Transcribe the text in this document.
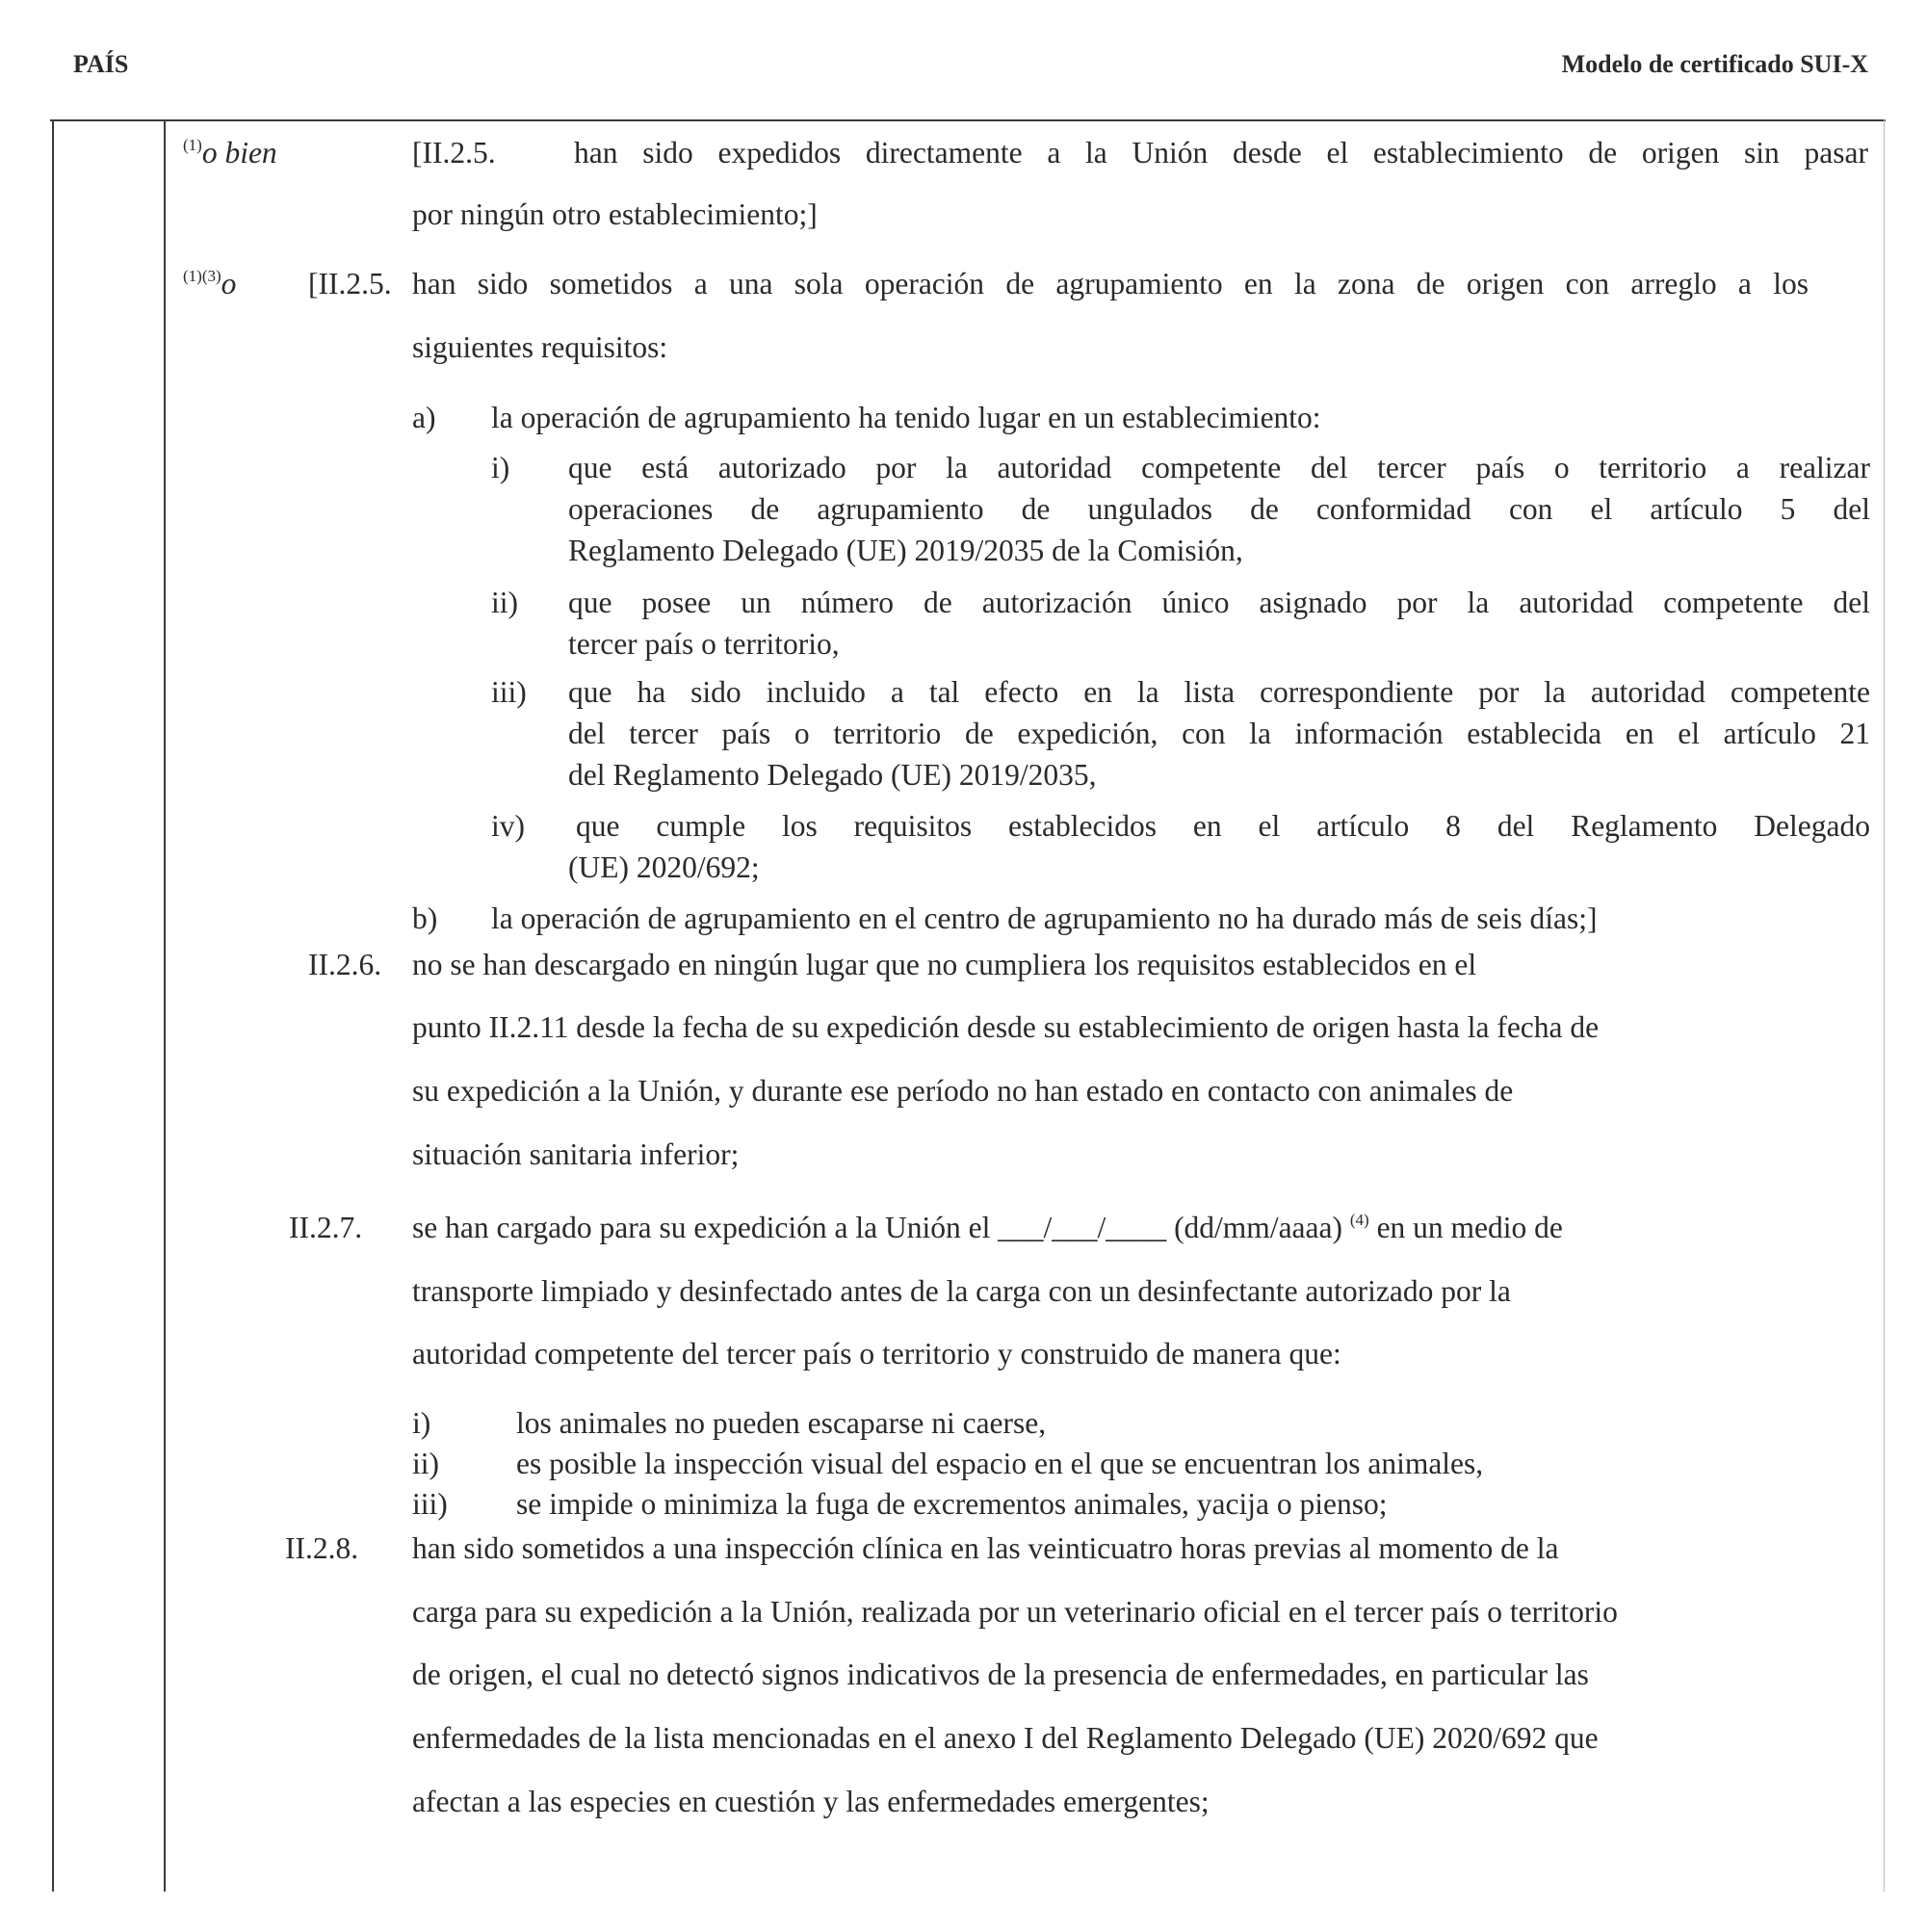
PAÍS	Modelo de certificado SUI-X
$^{(1)}$o bien	[II.2.5.	han sido expedidos directamente a la Unión desde el establecimiento de origen sin pasar
por ningún otro establecimiento;]
$^{(1)(3)}$o [II.2.5. han sido sometidos a una sola operación de agrupamiento en la zona de origen con arreglo a los
siguientes requisitos:
a) la operación de agrupamiento ha tenido lugar en un establecimiento:
i) que está autorizado por la autoridad competente del tercer país o territorio a realizar
operaciones de agrupamiento de ungulados de conformidad con el artículo 5 del
Reglamento Delegado (UE) 2019/2035 de la Comisión,
ii) que posee un número de autorización único asignado por la autoridad competente del
tercer país o territorio,
iii) que ha sido incluido a tal efecto en la lista correspondiente por la autoridad competente
del tercer país o territorio de expedición, con la información establecida en el artículo 21
del Reglamento Delegado (UE) 2019/2035,
iv) que cumple los requisitos establecidos en el artículo 8 del Reglamento Delegado
(UE) 2020/692;
b) la operación de agrupamiento en el centro de agrupamiento no ha durado más de seis días;]
II.2.6. no se han descargado en ningún lugar que no cumpliera los requisitos establecidos en el
punto II.2.11 desde la fecha de su expedición desde su establecimiento de origen hasta la fecha de
su expedición a la Unión, y durante ese período no han estado en contacto con animales de
situación sanitaria inferior;
II.2.7. se han cargado para su expedición a la Unión el ___/___/____ (dd/mm/aaaa) $^{(4)}$ en un medio de
transporte limpiado y desinfectado antes de la carga con un desinfectante autorizado por la
autoridad competente del tercer país o territorio y construido de manera que:
i)	los animales no pueden escaparse ni caerse,
ii)	es posible la inspección visual del espacio en el que se encuentran los animales,
iii) se impide o minimiza la fuga de excrementos animales, yacija o pienso;
II.2.8. han sido sometidos a una inspección clínica en las veinticuatro horas previas al momento de la
carga para su expedición a la Unión, realizada por un veterinario oficial en el tercer país o territorio
de origen, el cual no detectó signos indicativos de la presencia de enfermedades, en particular las
enfermedades de la lista mencionadas en el anexo I del Reglamento Delegado (UE) 2020/692 que
afectan a las especies en cuestión y las enfermedades emergentes;
